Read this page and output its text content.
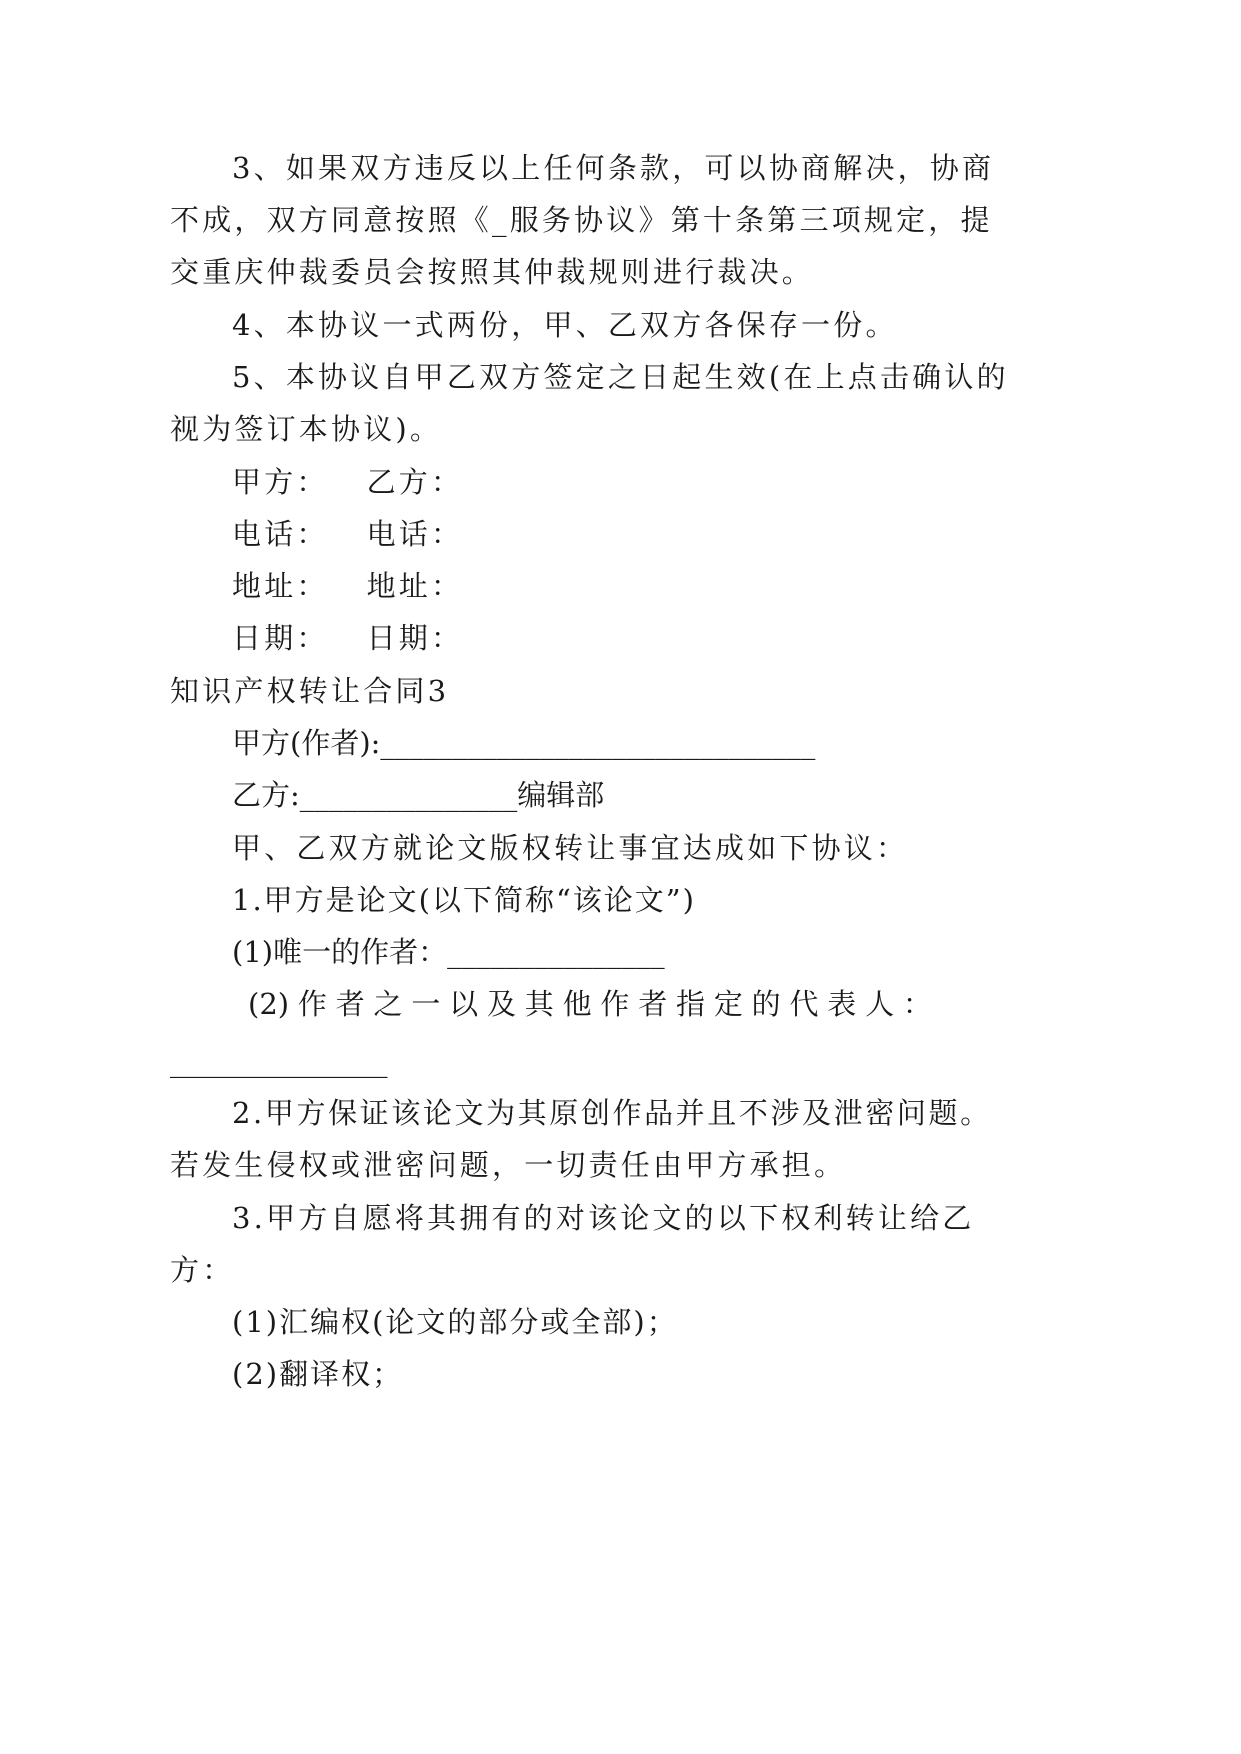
3、如果双方违反以上任何条款，可以协商解决，协商
不成，双方同意按照《_服务协议》第十条第三项规定，提
交重庆仲裁委员会按照其仲裁规则进行裁决。
4、本协议一式两份，甲、乙双方各保存一份。
5、本协议自甲乙双方签定之日起生效(在上点击确认的
视为签订本协议)。
甲方： 乙方：
电话： 电话：
地址： 地址：
日期： 日期：
知识产权转让合同3
甲方(作者):______________________________
乙方:_______________编辑部
甲、乙双方就论文版权转让事宜达成如下协议：
1.甲方是论文(以下简称“该论文”)
(1)唯一的作者：_______________
(2) 作 者 之 一 以 及 其 他 作 者 指 定 的 代 表 人 ：
_______________
2.甲方保证该论文为其原创作品并且不涉及泄密问题。
若发生侵权或泄密问题，一切责任由甲方承担。
3.甲方自愿将其拥有的对该论文的以下权利转让给乙
方：
(1)汇编权(论文的部分或全部)；
(2)翻译权；
